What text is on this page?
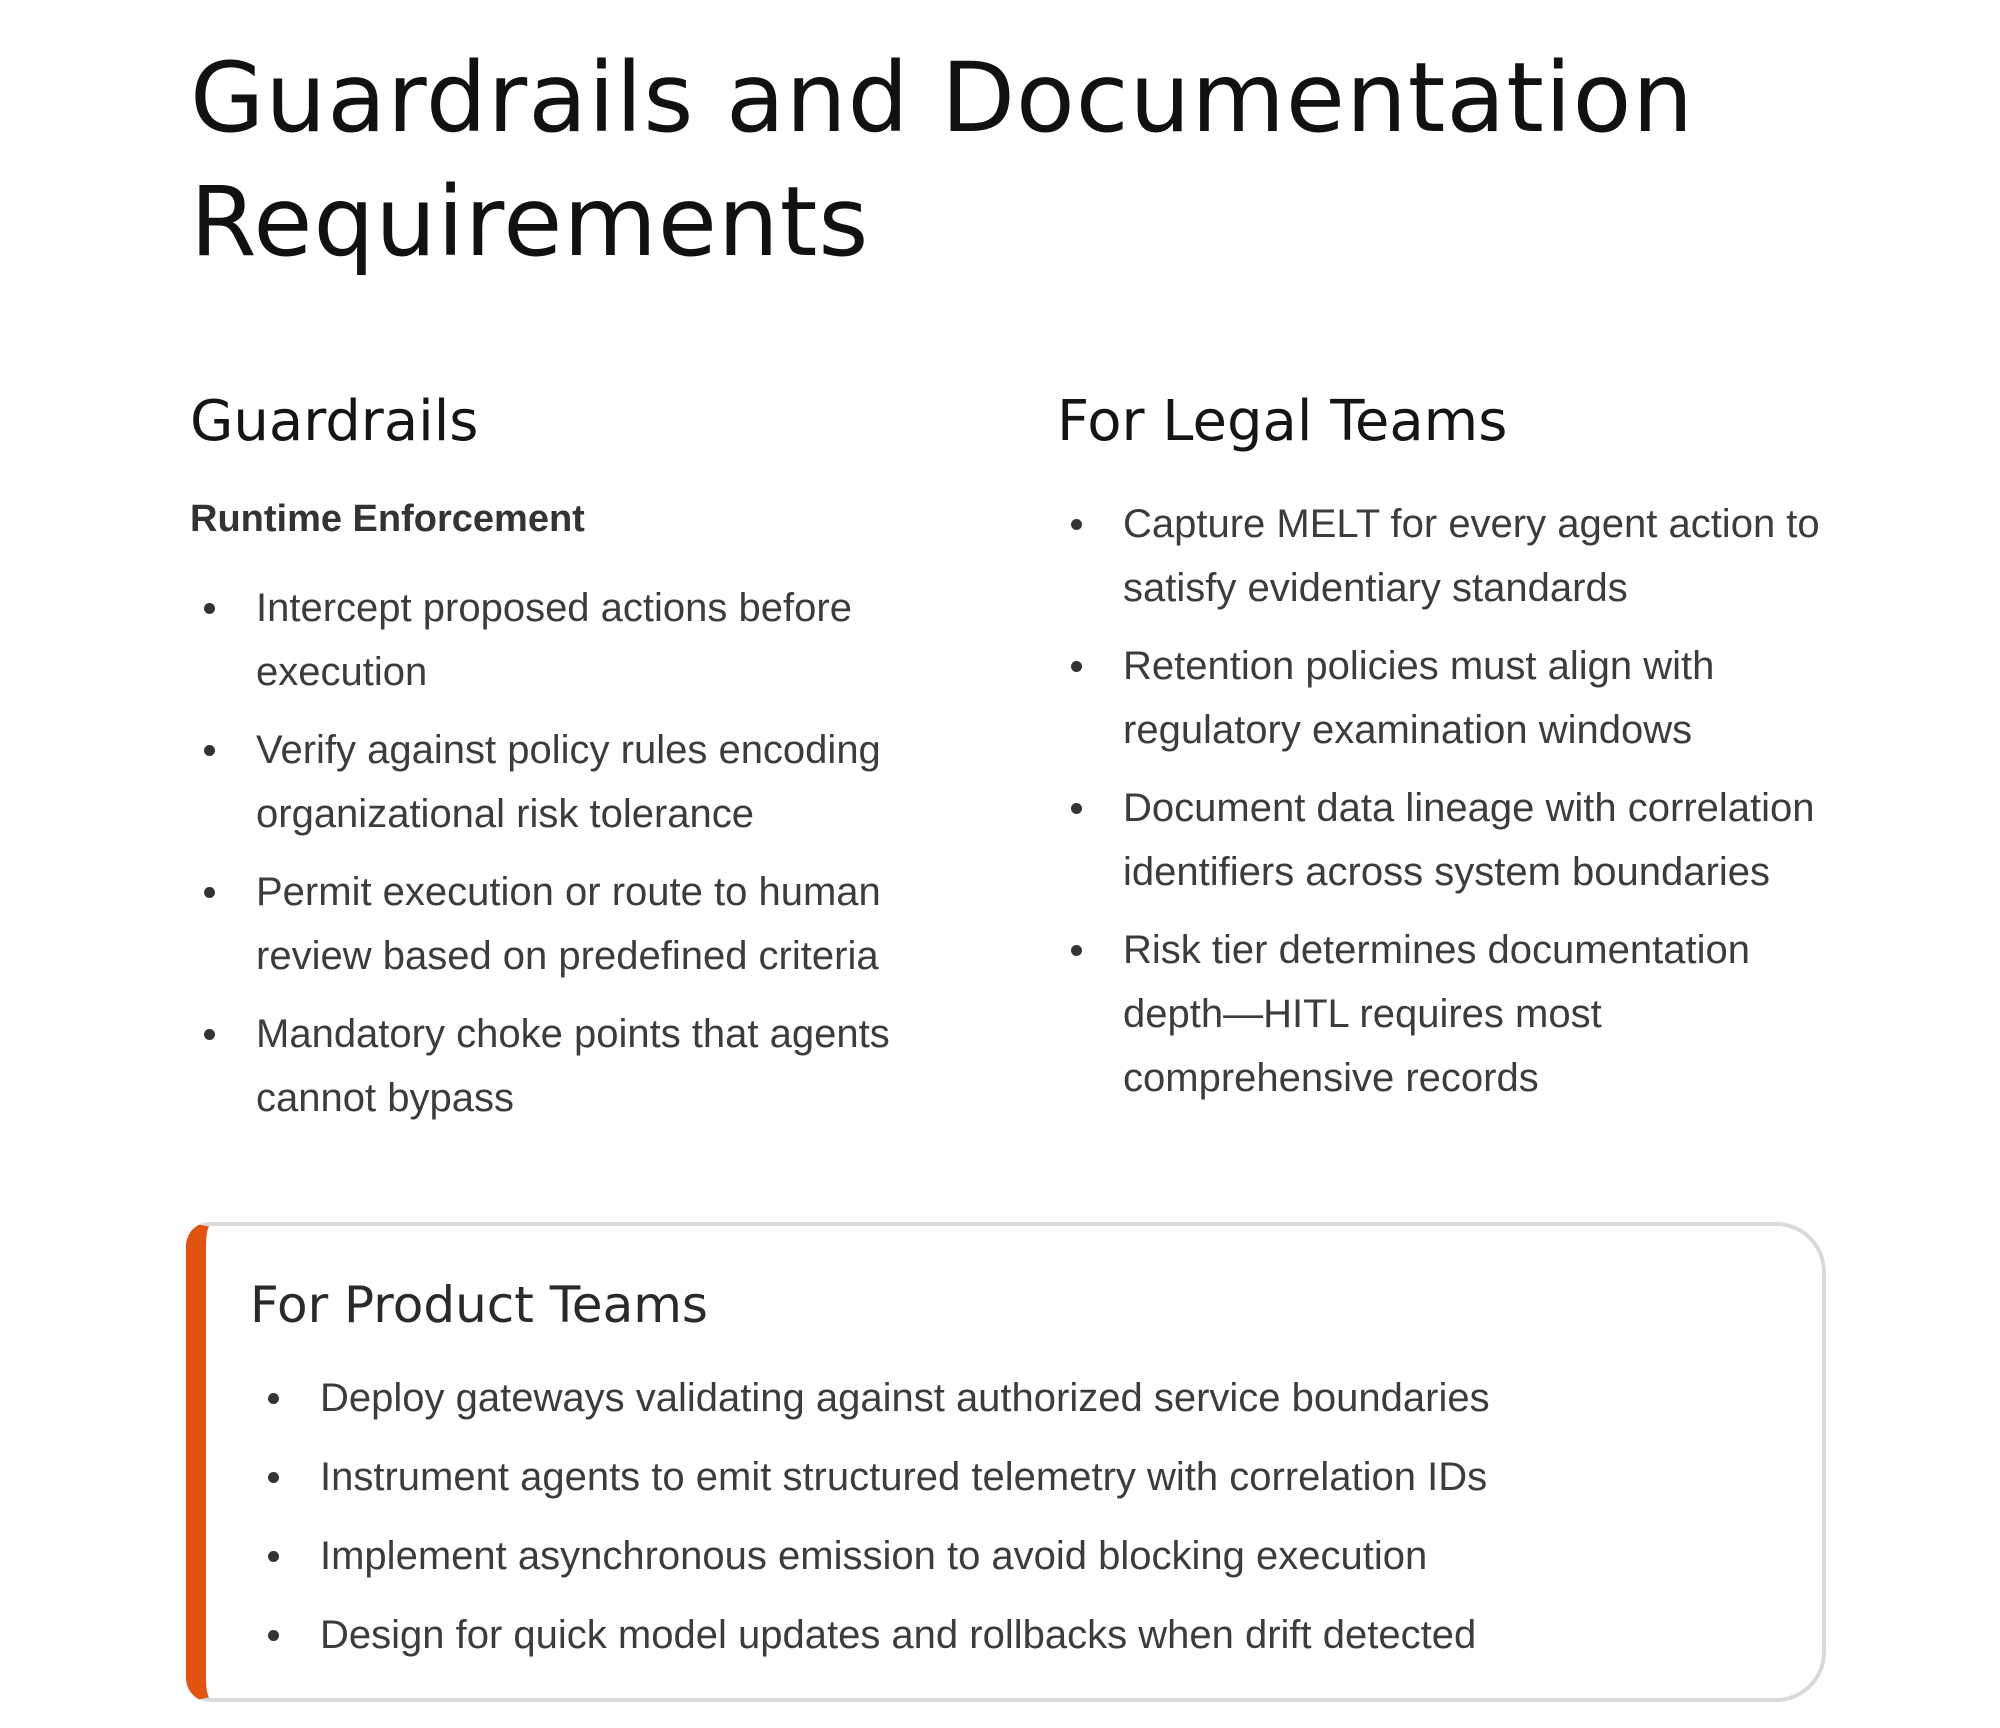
Guardrails and Documentation Requirements
Guardrails
Runtime Enforcement
Intercept proposed actions before execution
Verify against policy rules encoding organizational risk tolerance
Permit execution or route to human review based on predefined criteria
Mandatory choke points that agents cannot bypass
For Legal Teams
Capture MELT for every agent action to satisfy evidentiary standards
Retention policies must align with regulatory examination windows
Document data lineage with correlation identifiers across system boundaries
Risk tier determines documentation depth—HITL requires most comprehensive records
For Product Teams
Deploy gateways validating against authorized service boundaries
Instrument agents to emit structured telemetry with correlation IDs
Implement asynchronous emission to avoid blocking execution
Design for quick model updates and rollbacks when drift detected
